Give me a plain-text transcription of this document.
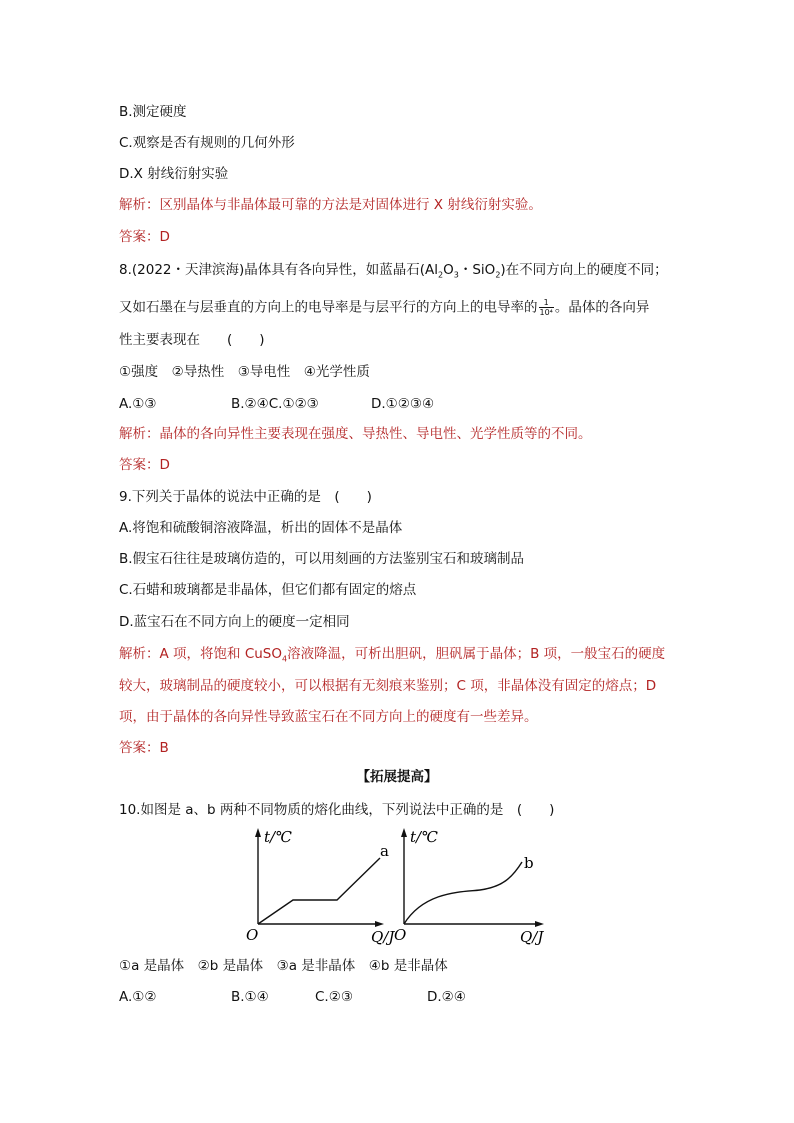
B.测定硬度
C.观察是否有规则的几何外形
D.X 射线衍射实验
解析：区别晶体与非晶体最可靠的方法是对固体进行 X 射线衍射实验。
答案：D
8.(2022・天津滨海)晶体具有各向异性，如蓝晶石($Al_2O_3$・SiO$_2$)在不同方向上的硬度不同；
又如石墨在与层垂直的方向上的电导率是与层平行的方向上的电导率的 $\frac{1}{\text{10⁴}}$ 。晶体的各向异
性主要表现在　　(　　)
①强度　②导热性　③导电性　④光学性质
A.①③	B.②④C.①②③	D.①②③④
解析：晶体的各向异性主要表现在强度、导热性、导电性、光学性质等的不同。
答案：D
9.下列关于晶体的说法中正确的是　(　　)
A.将饱和硫酸铜溶液降温，析出的固体不是晶体
B.假宝石往往是玻璃仿造的，可以用刻画的方法鉴别宝石和玻璃制品
C.石蜡和玻璃都是非晶体，但它们都有固定的熔点
D.蓝宝石在不同方向上的硬度一定相同
解析：A 项，将饱和 CuSO$_4$溶液降温，可析出胆矾，胆矾属于晶体；B 项，一般宝石的硬度
较大，玻璃制品的硬度较小，可以根据有无刻痕来鉴别；C 项，非晶体没有固定的熔点；D
项，由于晶体的各向异性导致蓝宝石在不同方向上的硬度有一些差异。
答案：B
【拓展提高】
10.如图是 a、b 两种不同物质的熔化曲线，下列说法中正确的是　(　　)
t/℃
a
O	Q/J
t/℃
b
O	Q/J
①a 是晶体　②b 是晶体　③a 是非晶体　④b 是非晶体
A.①②	B.①④	C.②③	D.②④
